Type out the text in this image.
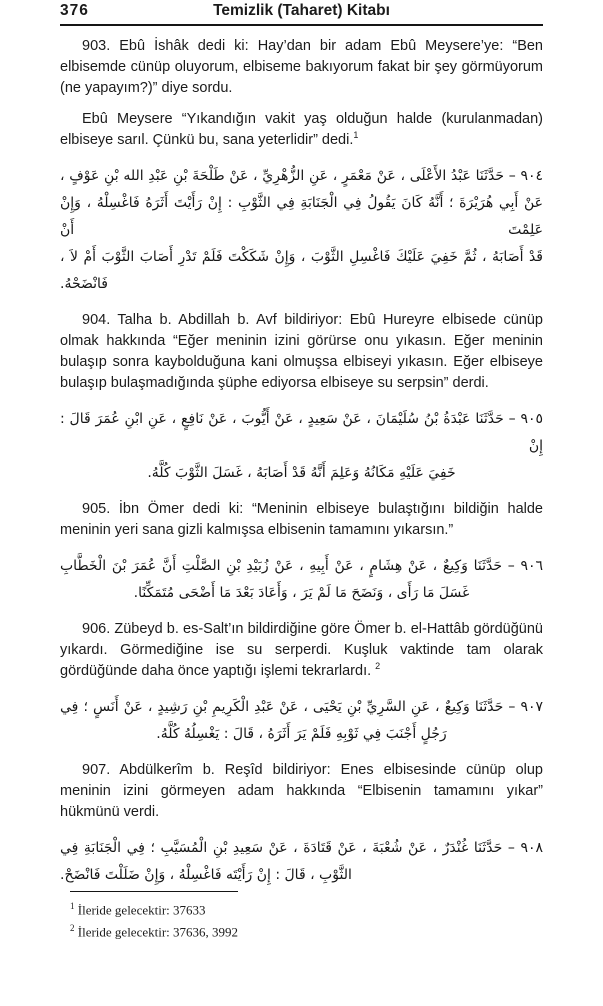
376	Temizlik (Taharet) Kitabı

903. Ebû İshâk dedi ki: Hay’dan bir adam Ebû Meysere’ye: “Ben elbisemde cünüp oluyorum, elbiseme bakıyorum fakat bir şey görmüyorum (ne yapayım?)” diye sordu.

Ebû Meysere “Yıkandığın vakit yaş olduğun halde (kurulanmadan) elbiseye sarıl. Çünkü bu, sana yeterlidir” dedi.$^1$

٩٠٤ – حَدَّثَنَا عَبْدُ الأَعْلَى ، عَنْ مَعْمَرٍ ، عَنِ الزُّهْرِيِّ ، عَنْ طَلْحَةَ بْنِ عَبْدِ الله بْنِ عَوْفٍ ،
عَنْ أَبِي هُرَيْرَةَ ؛ أَنَّهُ كَانَ يَقُولُ فِي الْجَنَابَةِ فِي الثَّوْبِ : إِنْ رَأَيْتَ أَثَرَهُ فَاغْسِلْهُ ، وَإِنْ عَلِمْتَ أَنْ
قَدْ أَصَابَهُ ، ثُمَّ خَفِيَ عَلَيْكَ فَاغْسِلِ الثَّوْبَ ، وَإِنْ شَكَكْتَ فَلَمْ تَدْرِ أَصَابَ الثَّوْبَ أَمْ لاَ ،
فَانْضَحْهُ.

904. Talha b. Abdillah b. Avf bildiriyor: Ebû Hureyre elbisede cünüp olmak hakkında “Eğer meninin izini görürse onu yıkasın. Eğer meninin bulaşıp sonra kaybolduğuna kani olmuşsa elbiseyi yıkasın. Eğer elbiseye bulaşıp bulaşmadığında şüphe ediyorsa elbiseye su serpsin” derdi.

٩٠٥ – حَدَّثَنَا عَبْدَةُ بْنُ سُلَيْمَانَ ، عَنْ سَعِيدٍ ، عَنْ أَيُّوبَ ، عَنْ نَافِعٍ ، عَنِ ابْنِ عُمَرَ قَالَ : إِنْ
خَفِيَ عَلَيْهِ مَكَانُهُ وَعَلِمَ أَنَّهُ قَدْ أَصَابَهُ ، غَسَلَ الثَّوْبَ كُلَّهُ.

905. İbn Ömer dedi ki: “Meninin elbiseye bulaştığını bildiğin halde meninin yeri sana gizli kalmışsa elbisenin tamamını yıkarsın.”

٩٠٦ – حَدَّثَنَا وَكِيعٌ ، عَنْ هِشَامٍ ، عَنْ أَبِيهِ ، عَنْ زُبَيْدِ بْنِ الصَّلْتِ أَنَّ عُمَرَ بْنَ الْخَطَّابِ
غَسَلَ مَا رَأَى ، وَنَضَحَ مَا لَمْ يَرَ ، وَأَعَادَ بَعْدَ مَا أَضْحَى مُتَمَكِّنًا.

906. Zübeyd b. es-Salt’ın bildirdiğine göre Ömer b. el-Hattâb gördüğünü yıkardı. Görmediğine ise su serperdi. Kuşluk vaktinde tam olarak gördüğünde daha önce yaptığı işlemi tekrarlardı. $^2$

٩٠٧ – حَدَّثَنَا وَكِيعٌ ، عَنِ السَّرِيِّ بْنِ يَحْيَى ، عَنْ عَبْدِ الْكَرِيمِ بْنِ رَشِيدٍ ، عَنْ أَنَسٍ ؛ فِي
رَجُلٍ أَجْنَبَ فِي ثَوْبِهِ فَلَمْ يَرَ أَثَرَهُ ، قَالَ : يَغْسِلُهُ كُلَّهُ.

907. Abdülkerîm b. Reşîd bildiriyor: Enes elbisesinde cünüp olup meninin izini görmeyen adam hakkında “Elbisenin tamamını yıkar” hükmünü verdi.

٩٠٨ – حَدَّثَنَا غُنْدَرٌ ، عَنْ شُعْبَةَ ، عَنْ قَتَادَةَ ، عَنْ سَعِيدِ بْنِ الْمُسَيَّبِ ؛ فِي الْجَنَابَةِ فِي
الثَّوْبِ ، قَالَ : إِنْ رَأَيْتَه فَاغْسِلْهُ ، وَإِنْ ضَلَلْتَ فَانْضَحْ.
$^1$ İleride gelecektir: 37633
$^2$ İleride gelecektir: 37636, 3992
